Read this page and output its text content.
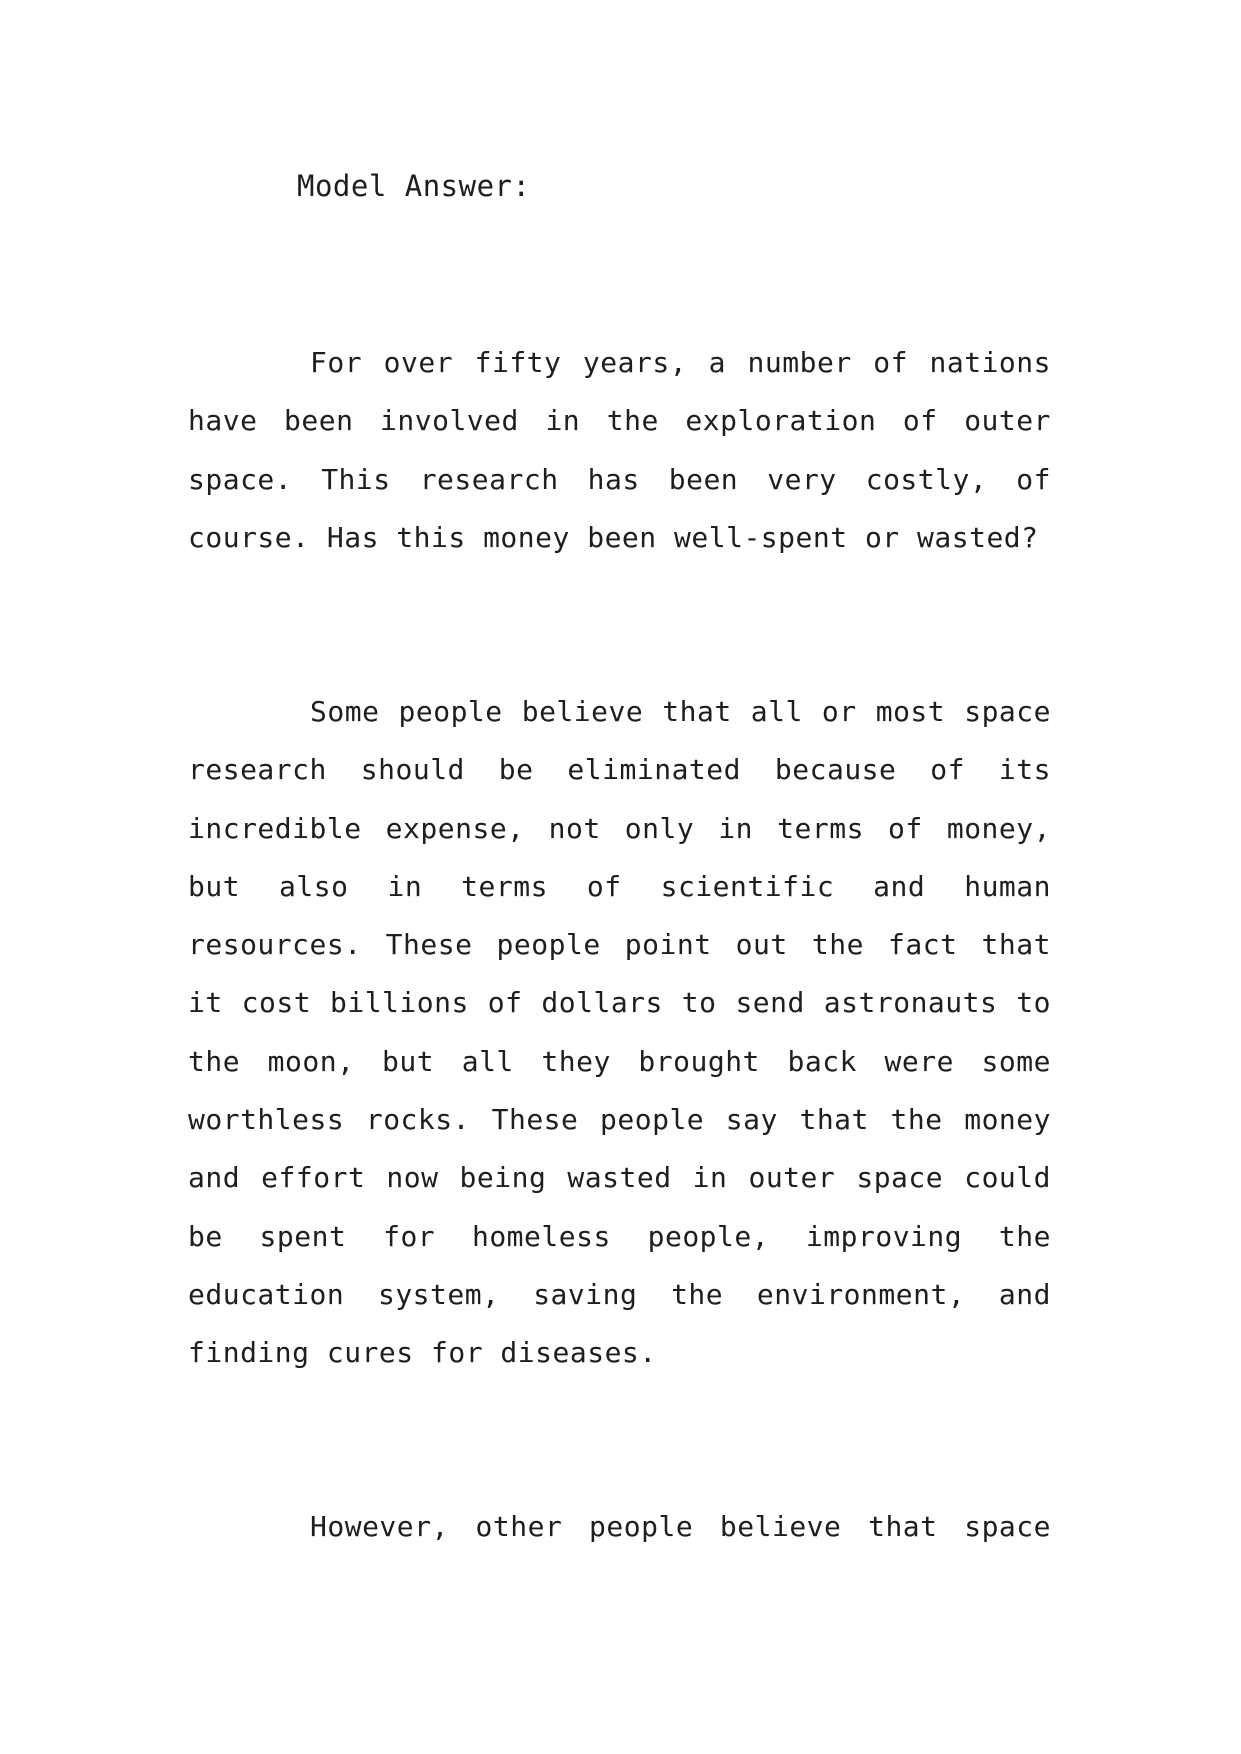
Model Answer:

For over fifty years, a number of nations have been involved in the exploration of outer space. This research has been very costly, of course. Has this money been well-spent or wasted?

Some people believe that all or most space research should be eliminated because of its incredible expense, not only in terms of money, but also in terms of scientific and human resources. These people point out the fact that it cost billions of dollars to send astronauts to the moon, but all they brought back were some worthless rocks. These people say that the money and effort now being wasted in outer space could be spent for homeless people, improving the education system, saving the environment, and finding cures for diseases.

However, other people believe that space
